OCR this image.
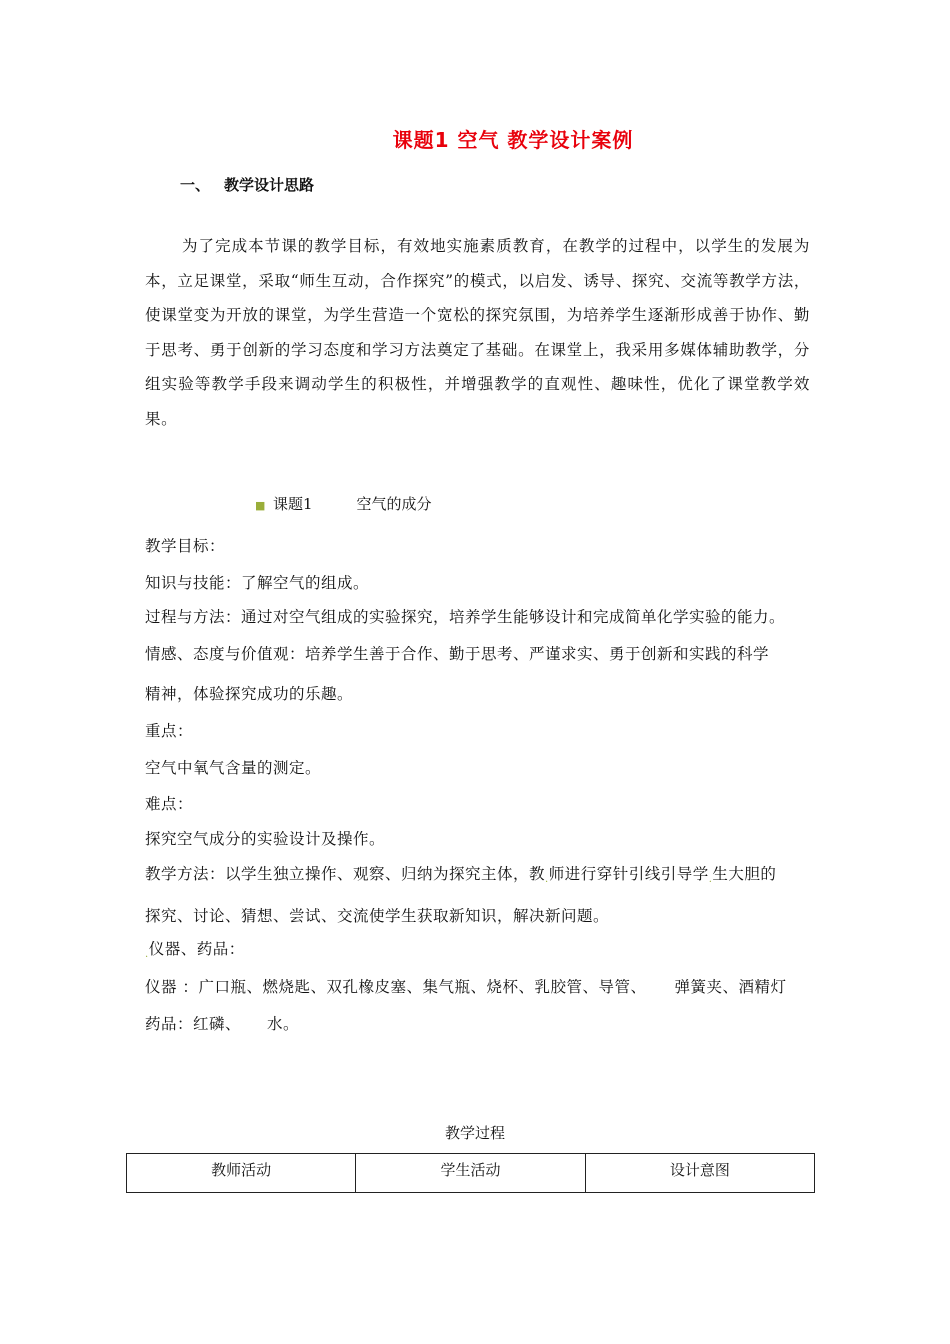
课题1 空气 教学设计案例
一、 教学设计思路
为了完成本节课的教学目标，有效地实施素质教育，在教学的过程中，以学生的发展为本，立足课堂，采取“师生互动，合作探究”的模式，以启发、诱导、探究、交流等教学方法，使课堂变为开放的课堂，为学生营造一个宽松的探究氛围，为培养学生逐渐形成善于协作、勤于思考、勇于创新的学习态度和学习方法奠定了基础。在课堂上，我采用多媒体辅助教学，分组实验等教学手段来调动学生的积极性，并增强教学的直观性、趣味性，优化了课堂教学效果。
■ 课题1	空气的成分
教学目标：
知识与技能：了解空气的组成。
过程与方法：通过对空气组成的实验探究，培养学生能够设计和完成简单化学实验的能力。
情感、态度与价值观：培养学生善于合作、勤于思考、严谨求实、勇于创新和实践的科学
精神，体验探究成功的乐趣。
重点：
空气中氧气含量的测定。
难点：
探究空气成分的实验设计及操作。
教学方法：以学生独立操作、观察、归纳为探究主体，教.师进行穿针引线引导学.生大胆的
探究、讨论、猜想、尝试、交流使学生获取新知识，解决新问题。
.仪器、药品：
仪器 ：广口瓶、燃烧匙、双孔橡皮塞、集气瓶、烧杯、乳胶管、导管、 弹簧夹、酒精灯
药品：红磷、 水。
教学过程
教师活动	学生活动	设计意图
